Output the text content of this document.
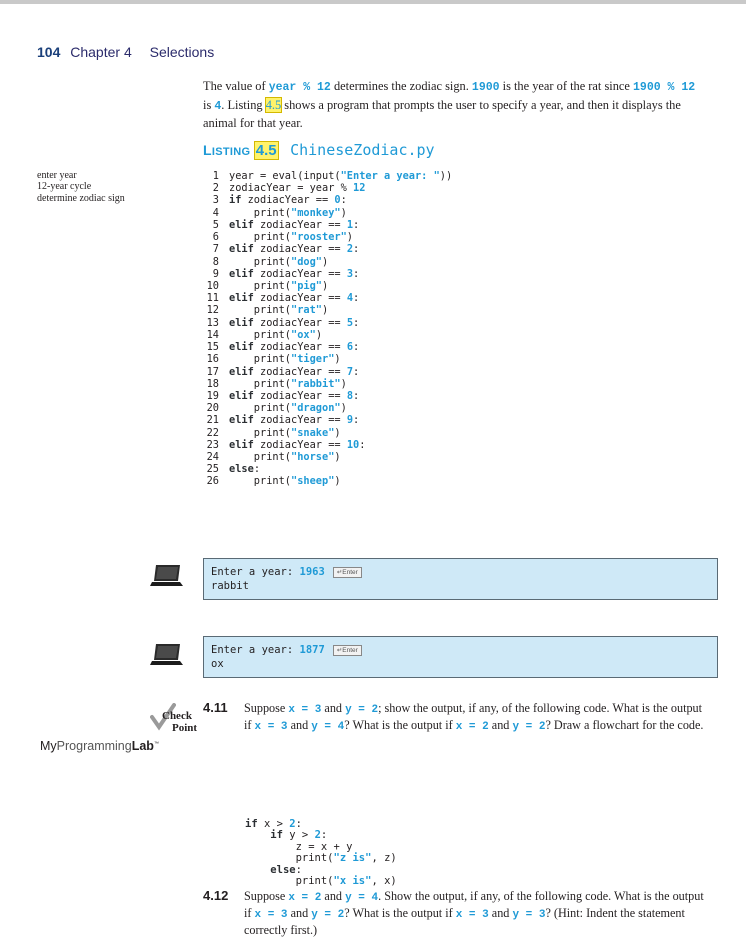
104 Chapter 4 Selections
The value of year % 12 determines the zodiac sign. 1900 is the year of the rat since 1900 % 12 is 4. Listing 4.5 shows a program that prompts the user to specify a year, and then it displays the animal for that year.
LISTING 4.5 ChineseZodiac.py
enter year
12-year cycle
determine zodiac sign
1 year = eval(input("Enter a year: "))
2 zodiacYear = year % 12
3 if zodiacYear == 0:
4    print("monkey")
5 elif zodiacYear == 1:
6    print("rooster")
7 elif zodiacYear == 2:
8    print("dog")
9 elif zodiacYear == 3:
10    print("pig")
11 elif zodiacYear == 4:
12    print("rat")
13 elif zodiacYear == 5:
14    print("ox")
15 elif zodiacYear == 6:
16    print("tiger")
17 elif zodiacYear == 7:
18    print("rabbit")
19 elif zodiacYear == 8:
20    print("dragon")
21 elif zodiacYear == 9:
22    print("snake")
23 elif zodiacYear == 10:
24    print("horse")
25 else:
26    print("sheep")
Enter a year: 1963 ↵Enter
rabbit
Enter a year: 1877 ↵Enter
ox
Check
Point
MyProgrammingLab™
4.11 Suppose x = 3 and y = 2; show the output, if any, of the following code. What is the output if x = 3 and y = 4? What is the output if x = 2 and y = 2? Draw a flowchart for the code.
if x > 2:
if y > 2:
z = x + y
print("z is", z)
else:
print("x is", x)
4.12 Suppose x = 2 and y = 4. Show the output, if any, of the following code. What is the output if x = 3 and y = 2? What is the output if x = 3 and y = 3? (Hint: Indent the statement correctly first.)
